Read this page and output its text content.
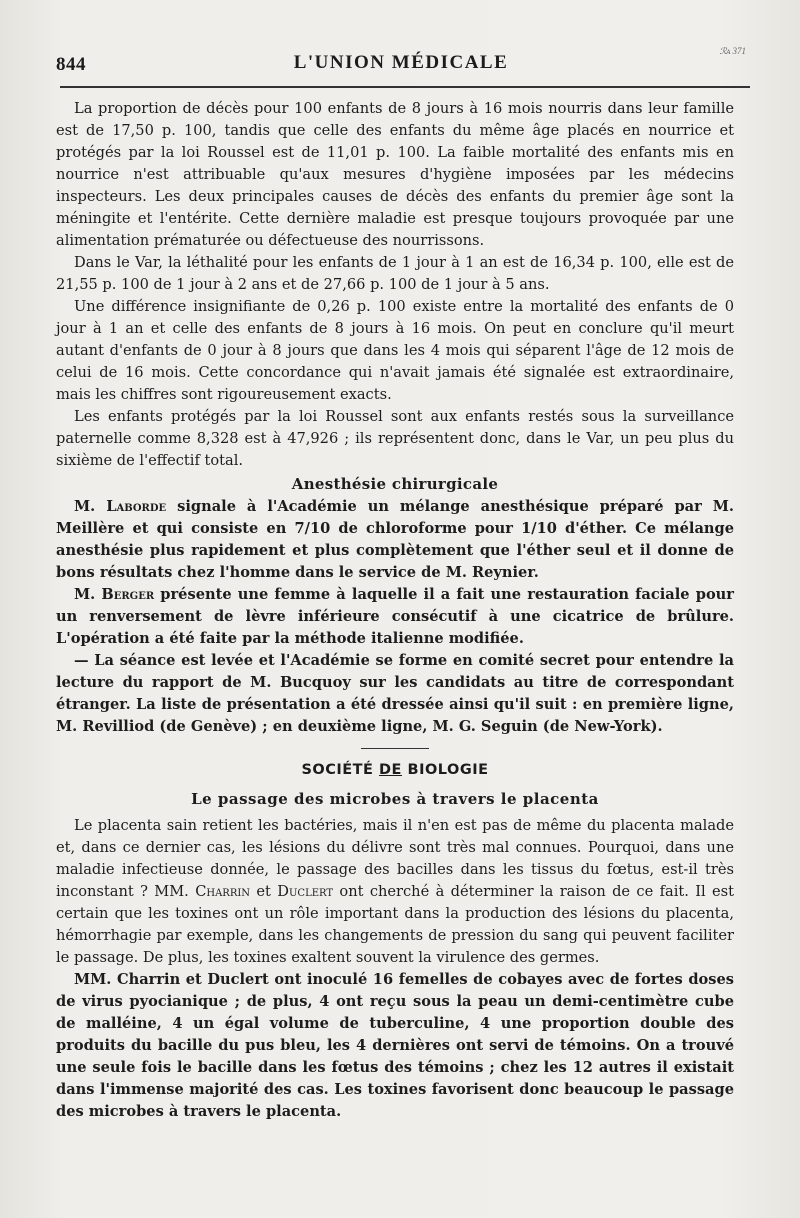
844	L'UNION MÉDICALE
ℛᴀ 371

La proportion de décès pour 100 enfants de 8 jours à 16 mois nourris dans leur famille est de 17,50 p. 100, tandis que celle des enfants du même âge placés en nourrice et protégés par la loi Roussel est de 11,01 p. 100. La faible mortalité des enfants mis en nourrice n'est attribuable qu'aux mesures d'hygiène imposées par les médecins inspecteurs. Les deux principales causes de décès des enfants du premier âge sont la méningite et l'entérite. Cette dernière maladie est presque toujours provoquée par une alimentation prématurée ou défectueuse des nourrissons.

Dans le Var, la léthalité pour les enfants de 1 jour à 1 an est de 16,34 p. 100, elle est de 21,55 p. 100 de 1 jour à 2 ans et de 27,66 p. 100 de 1 jour à 5 ans.

Une différence insignifiante de 0,26 p. 100 existe entre la mortalité des enfants de 0 jour à 1 an et celle des enfants de 8 jours à 16 mois. On peut en conclure qu'il meurt autant d'enfants de 0 jour à 8 jours que dans les 4 mois qui séparent l'âge de 12 mois de celui de 16 mois. Cette concordance qui n'avait jamais été signalée est extraordinaire, mais les chiffres sont rigoureusement exacts.

Les enfants protégés par la loi Roussel sont aux enfants restés sous la surveillance paternelle comme 8,328 est à 47,926 ; ils représentent donc, dans le Var, un peu plus du sixième de l'effectif total.

Anesthésie chirurgicale

M. Laborde signale à l'Académie un mélange anesthésique préparé par M. Meillère et qui consiste en 7/10 de chloroforme pour 1/10 d'éther. Ce mélange anesthésie plus rapidement et plus complètement que l'éther seul et il donne de bons résultats chez l'homme dans le service de M. Reynier.

M. Berger présente une femme à laquelle il a fait une restauration faciale pour un renversement de lèvre inférieure consécutif à une cicatrice de brûlure. L'opération a été faite par la méthode italienne modifiée.

— La séance est levée et l'Académie se forme en comité secret pour entendre la lecture du rapport de M. Bucquoy sur les candidats au titre de correspondant étranger. La liste de présentation a été dressée ainsi qu'il suit : en première ligne, M. Revilliod (de Genève) ; en deuxième ligne, M. G. Seguin (de New-York).

SOCIÉTÉ DE BIOLOGIE
Le passage des microbes à travers le placenta

Le placenta sain retient les bactéries, mais il n'en est pas de même du placenta malade et, dans ce dernier cas, les lésions du délivre sont très mal connues. Pourquoi, dans une maladie infectieuse donnée, le passage des bacilles dans les tissus du fœtus, est-il très inconstant ? MM. Charrin et Duclert ont cherché à déterminer la raison de ce fait. Il est certain que les toxines ont un rôle important dans la production des lésions du placenta, hémorrhagie par exemple, dans les changements de pression du sang qui peuvent faciliter le passage. De plus, les toxines exaltent souvent la virulence des germes.

MM. Charrin et Duclert ont inoculé 16 femelles de cobayes avec de fortes doses de virus pyocianique ; de plus, 4 ont reçu sous la peau un demi-centimètre cube de malléine, 4 un égal volume de tuberculine, 4 une proportion double des produits du bacille du pus bleu, les 4 dernières ont servi de témoins. On a trouvé une seule fois le bacille dans les fœtus des témoins ; chez les 12 autres il existait dans l'immense majorité des cas. Les toxines favorisent donc beaucoup le passage des microbes à travers le placenta.
